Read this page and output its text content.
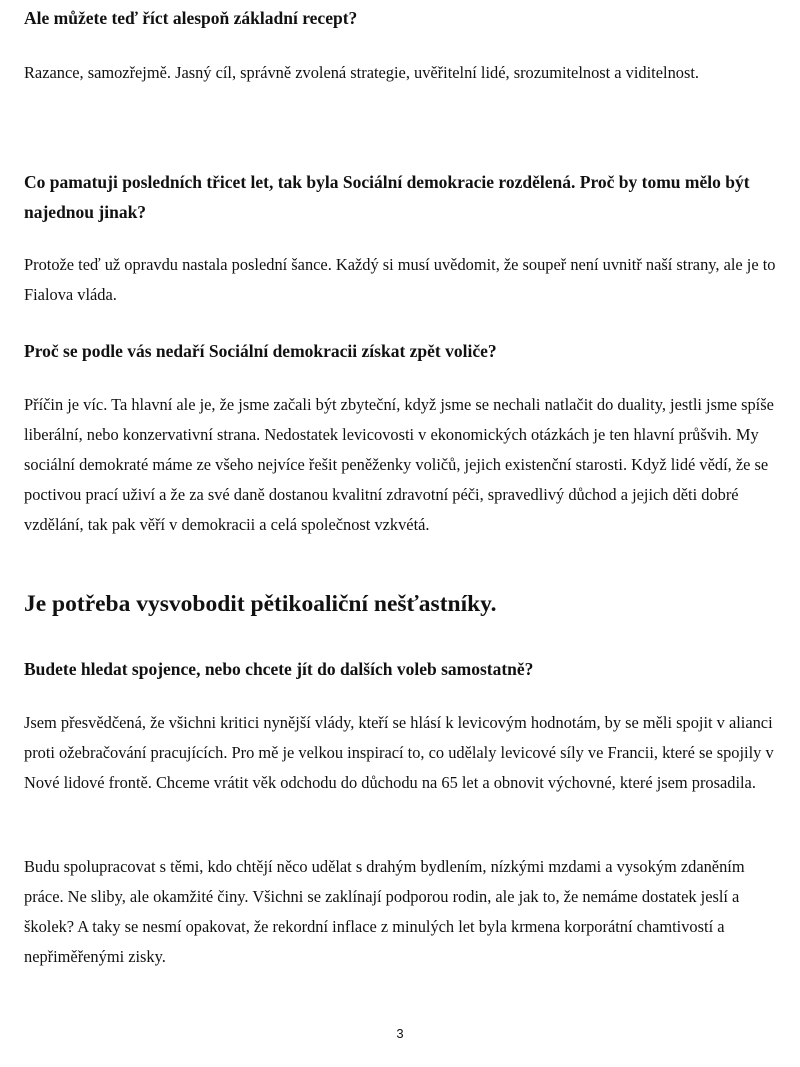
Ale můžete teď říct alespoň základní recept?

Razance, samozřejmě. Jasný cíl, správně zvolená strategie, uvěřitelní lidé, srozumitelnost a viditelnost.

Co pamatuji posledních třicet let, tak byla Sociální demokracie rozdělená. Proč by tomu mělo být najednou jinak?

Protože teď už opravdu nastala poslední šance. Každý si musí uvědomit, že soupeř není uvnitř naší strany, ale je to Fialova vláda.

Proč se podle vás nedaří Sociální demokracii získat zpět voliče?

Příčin je víc. Ta hlavní ale je, že jsme začali být zbyteční, když jsme se nechali natlačit do duality, jestli jsme spíše liberální, nebo konzervativní strana. Nedostatek levicovosti v ekonomických otázkách je ten hlavní průšvih. My sociální demokraté máme ze všeho nejvíce řešit peněženky voličů, jejich existenční starosti. Když lidé vědí, že se poctivou prací uživí a že za své daně dostanou kvalitní zdravotní péči, spravedlivý důchod a jejich děti dobré vzdělání, tak pak věří v demokracii a celá společnost vzkvétá.

Je potřeba vysvobodit pětikoaliční nešťastníky.

Budete hledat spojence, nebo chcete jít do dalších voleb samostatně?

Jsem přesvědčená, že všichni kritici nynější vlády, kteří se hlásí k levicovým hodnotám, by se měli spojit v alianci proti ožebračování pracujících. Pro mě je velkou inspirací to, co udělaly levicové síly ve Francii, které se spojily v Nové lidové frontě. Chceme vrátit věk odchodu do důchodu na 65 let a obnovit výchovné, které jsem prosadila.

Budu spolupracovat s těmi, kdo chtějí něco udělat s drahým bydlením, nízkými mzdami a vysokým zdaněním práce. Ne sliby, ale okamžité činy. Všichni se zaklínají podporou rodin, ale jak to, že nemáme dostatek jeslí a školek? A taky se nesmí opakovat, že rekordní inflace z minulých let byla krmena korporátní chamtivostí a nepřiměřenými zisky.

3
